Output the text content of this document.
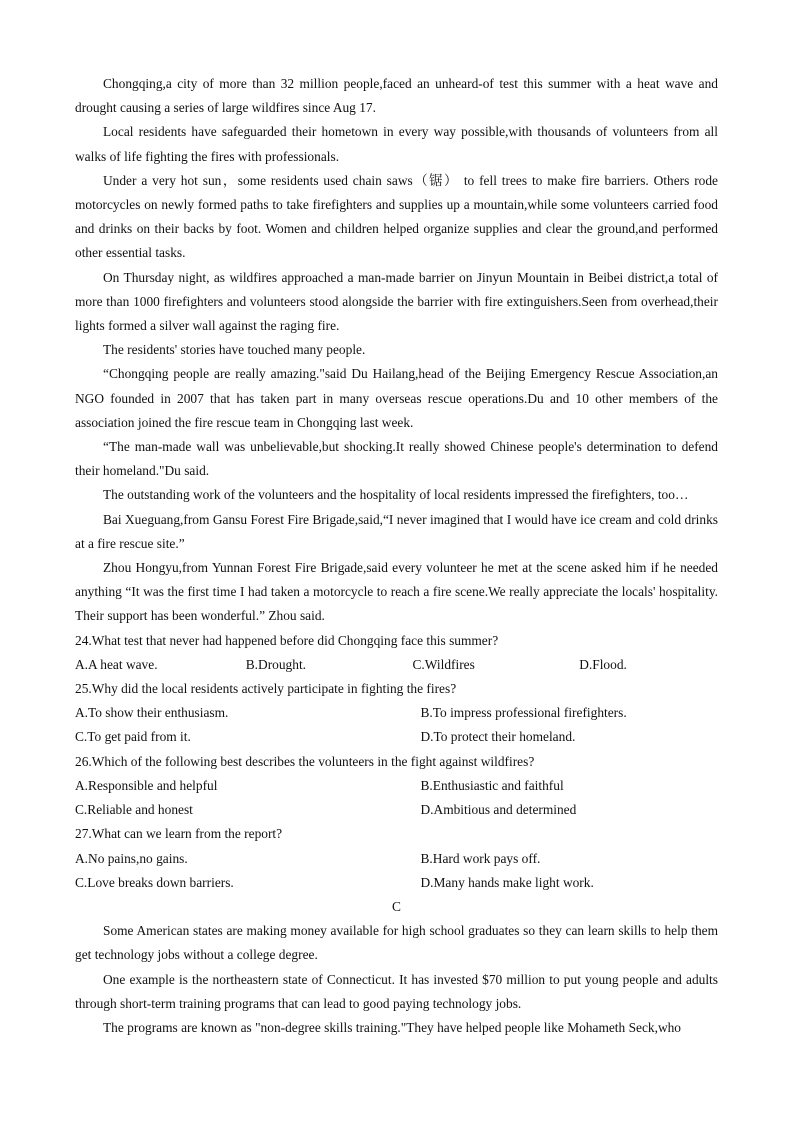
Chongqing,a city of more than 32 million people,faced an unheard-of test this summer with a heat wave and drought causing a series of large wildfires since Aug 17.

Local residents have safeguarded their hometown in every way possible,with thousands of volunteers from all walks of life fighting the fires with professionals.

Under a very hot sun，some residents used chain saws（锯） to fell trees to make fire barriers. Others rode motorcycles on newly formed paths to take firefighters and supplies up a mountain,while some volunteers carried food and drinks on their backs by foot. Women and children helped organize supplies and clear the ground,and performed other essential tasks.

On Thursday night, as wildfires approached a man-made barrier on Jinyun Mountain in Beibei district,a total of more than 1000 firefighters and volunteers stood alongside the barrier with fire extinguishers.Seen from overhead,their lights formed a silver wall against the raging fire.

The residents' stories have touched many people.

“Chongqing people are really amazing."said Du Hailang,head of the Beijing Emergency Rescue Association,an NGO founded in 2007 that has taken part in many overseas rescue operations.Du and 10 other members of the association joined the fire rescue team in Chongqing last week.

“The man-made wall was unbelievable,but shocking.It really showed Chinese people's determination to defend their homeland."Du said.

The outstanding work of the volunteers and the hospitality of local residents impressed the firefighters, too…

Bai Xueguang,from Gansu Forest Fire Brigade,said,“I never imagined that I would have ice cream and cold drinks at a fire rescue site.”

Zhou Hongyu,from Yunnan Forest Fire Brigade,said every volunteer he met at the scene asked him if he needed anything “It was the first time I had taken a motorcycle to reach a fire scene.We really appreciate the locals' hospitality. Their support has been wonderful.” Zhou said.

24.What test that never had happened before did Chongqing face this summer?

A.A heat wave.	B.Drought.	C.Wildfires	D.Flood.

25.Why did the local residents actively participate in fighting the fires?

A.To show their enthusiasm.	B.To impress professional firefighters.
C.To get paid from it.	D.To protect their homeland.

26.Which of the following best describes the volunteers in the fight against wildfires?

A.Responsible and helpful	B.Enthusiastic and faithful
C.Reliable and honest	D.Ambitious and determined

27.What can we learn from the report?

A.No pains,no gains.	B.Hard work pays off.
C.Love breaks down barriers.	D.Many hands make light work.

C

Some American states are making money available for high school graduates so they can learn skills to help them get technology jobs without a college degree.

One example is the northeastern state of Connecticut. It has invested $70 million to put young people and adults through short-term training programs that can lead to good paying technology jobs.

The programs are known as "non-degree skills training."They have helped people like Mohameth Seck,who
